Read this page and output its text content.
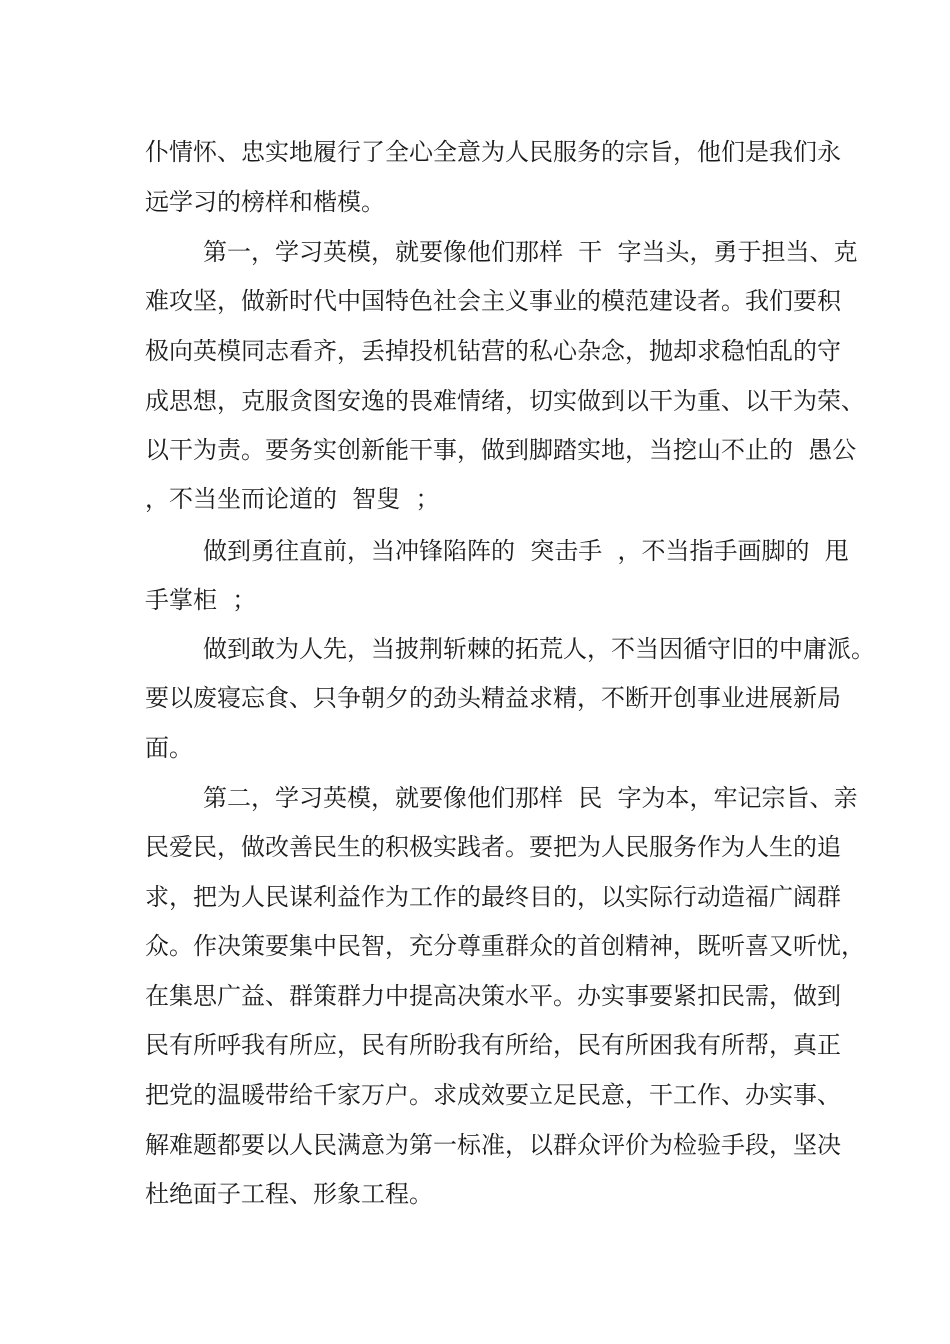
仆情怀、忠实地履行了全心全意为人民服务的宗旨，他们是我们永
远学习的榜样和楷模。
第一，学习英模，就要像他们那样  干  字当头，勇于担当、克
难攻坚，做新时代中国特色社会主义事业的模范建设者。我们要积
极向英模同志看齐，丢掉投机钻营的私心杂念，抛却求稳怕乱的守
成思想，克服贪图安逸的畏难情绪，切实做到以干为重、以干为荣、
以干为责。要务实创新能干事，做到脚踏实地，当挖山不止的  愚公
，不当坐而论道的  智叟  ；
做到勇往直前，当冲锋陷阵的  突击手  ，不当指手画脚的  甩
手掌柜  ；
做到敢为人先，当披荆斩棘的拓荒人，不当因循守旧的中庸派。
要以废寝忘食、只争朝夕的劲头精益求精，不断开创事业进展新局
面。
第二，学习英模，就要像他们那样  民  字为本，牢记宗旨、亲
民爱民，做改善民生的积极实践者。要把为人民服务作为人生的追
求，把为人民谋利益作为工作的最终目的，以实际行动造福广阔群
众。作决策要集中民智，充分尊重群众的首创精神，既听喜又听忧，
在集思广益、群策群力中提高决策水平。办实事要紧扣民需，做到
民有所呼我有所应，民有所盼我有所给，民有所困我有所帮，真正
把党的温暖带给千家万户。求成效要立足民意，干工作、办实事、
解难题都要以人民满意为第一标准，以群众评价为检验手段，坚决
杜绝面子工程、形象工程。
